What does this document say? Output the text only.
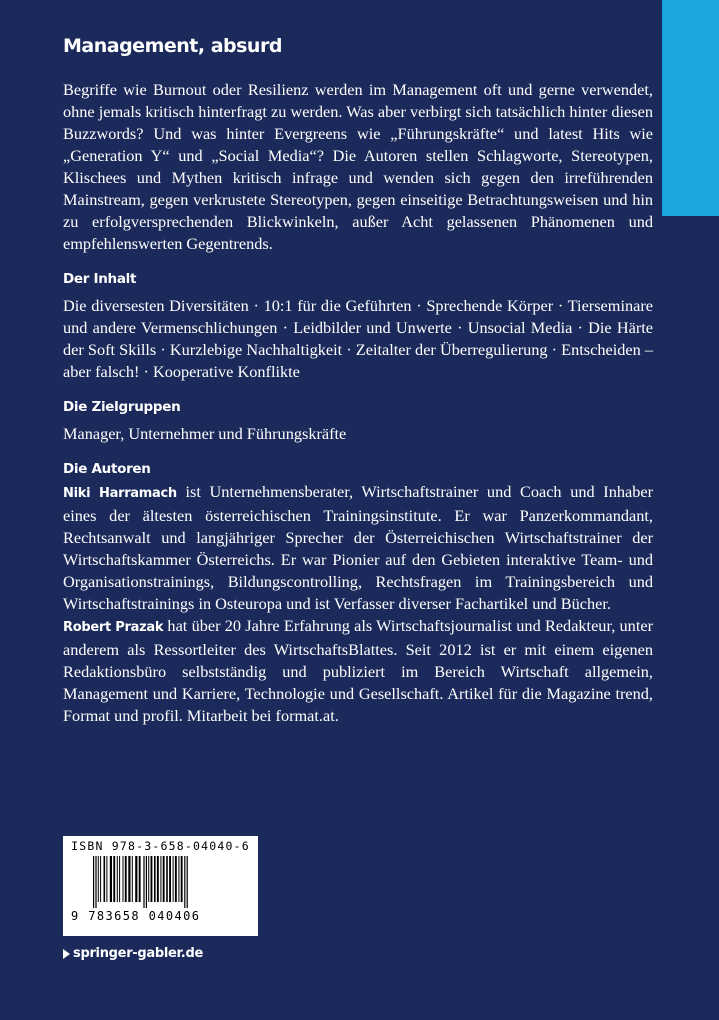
Management, absurd

Begriffe wie Burnout oder Resilienz werden im Management oft und gerne verwendet, ohne jemals kritisch hinterfragt zu werden. Was aber verbirgt sich tatsächlich hinter diesen Buzzwords? Und was hinter Evergreens wie „Führungskräfte“ und latest Hits wie „Generation Y“ und „Social Media“? Die Autoren stellen Schlagworte, Stereotypen, Klischees und Mythen kritisch infrage und wenden sich gegen den irreführenden Mainstream, gegen verkrustete Stereotypen, gegen einseitige Betrachtungsweisen und hin zu erfolgversprechenden Blickwinkeln, außer Acht gelassenen Phänomenen und empfehlenswerten Gegentrends.

Der Inhalt

Die diversesten Diversitäten · 10:1 für die Geführten · Sprechende Körper · Tierseminare und andere Vermenschlichungen · Leidbilder und Unwerte · Unsocial Media · Die Härte der Soft Skills · Kurzlebige Nachhaltigkeit · Zeitalter der Überregulierung · Entscheiden – aber falsch! · Kooperative Konflikte

Die Zielgruppen

Manager, Unternehmer und Führungskräfte

Die Autoren

Niki Harramach ist Unternehmensberater, Wirtschaftstrainer und Coach und Inhaber eines der ältesten österreichischen Trainingsinstitute. Er war Panzerkommandant, Rechtsanwalt und langjähriger Sprecher der Österreichischen Wirtschaftstrainer der Wirtschaftskammer Österreichs. Er war Pionier auf den Gebieten interaktive Team- und Organisationstrainings, Bildungscontrolling, Rechtsfragen im Trainingsbereich und Wirtschaftstrainings in Osteuropa und ist Verfasser diverser Fachartikel und Bücher.

Robert Prazak hat über 20 Jahre Erfahrung als Wirtschaftsjournalist und Redakteur, unter anderem als Ressortleiter des WirtschaftsBlattes. Seit 2012 ist er mit einem eigenen Redaktionsbüro selbstständig und publiziert im Bereich Wirtschaft allgemein, Management und Karriere, Technologie und Gesellschaft. Artikel für die Magazine trend, Format und profil. Mitarbeit bei format.at.

ISBN 978-3-658-04040-6
9 783658 040406
springer-gabler.de
